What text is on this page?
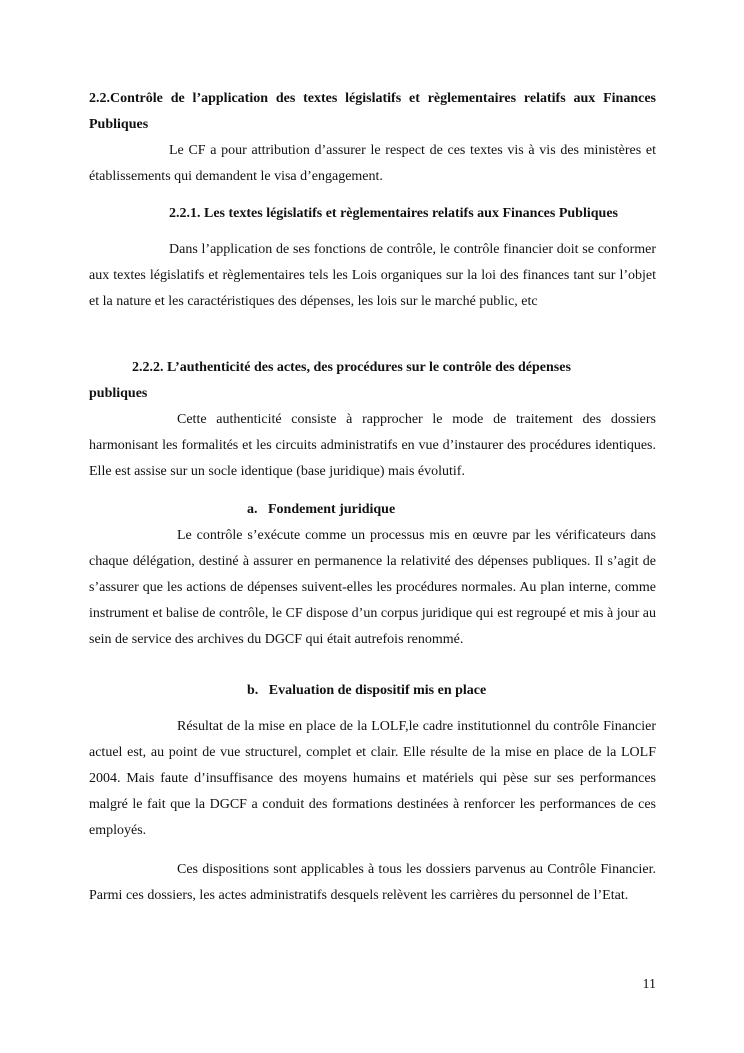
2.2.Contrôle de l’application des textes législatifs et règlementaires relatifs aux Finances
Publiques

Le CF a pour attribution d’assurer le respect de ces textes vis à vis des ministères et établissements qui demandent le visa d’engagement.

2.2.1. Les textes législatifs et règlementaires relatifs aux Finances Publiques

Dans l’application de ses fonctions de contrôle, le contrôle financier doit se conformer aux textes législatifs et règlementaires tels les Lois organiques sur la loi des finances tant sur l’objet et la nature et les caractéristiques des dépenses, les lois sur le marché public, etc

2.2.2. L’authenticité des actes, des procédures sur le contrôle des dépenses
publiques

Cette authenticité consiste à rapprocher le mode de traitement des dossiers harmonisant les formalités et les circuits administratifs en vue d’instaurer des procédures identiques. Elle est assise sur un socle identique (base juridique) mais évolutif.

a. Fondement juridique

Le contrôle s’exécute comme un processus mis en œuvre par les vérificateurs dans chaque délégation, destiné à assurer en permanence la relativité des dépenses publiques. Il s’agit de s’assurer que les actions de dépenses suivent-elles les procédures normales. Au plan interne, comme instrument et balise de contrôle, le CF dispose d’un corpus juridique qui est regroupé et mis à jour au sein de service des archives du DGCF qui était autrefois renommé.

b. Evaluation de dispositif mis en place

Résultat de la mise en place de la LOLF,le cadre institutionnel du contrôle Financier actuel est, au point de vue structurel, complet et clair. Elle résulte de la mise en place de la LOLF 2004. Mais faute d’insuffisance des moyens humains et matériels qui pèse sur ses performances malgré le fait que la DGCF a conduit des formations destinées à renforcer les performances de ces employés.

Ces dispositions sont applicables à tous les dossiers parvenus au Contrôle Financier. Parmi ces dossiers, les actes administratifs desquels relèvent les carrières du personnel de l’Etat.

11
